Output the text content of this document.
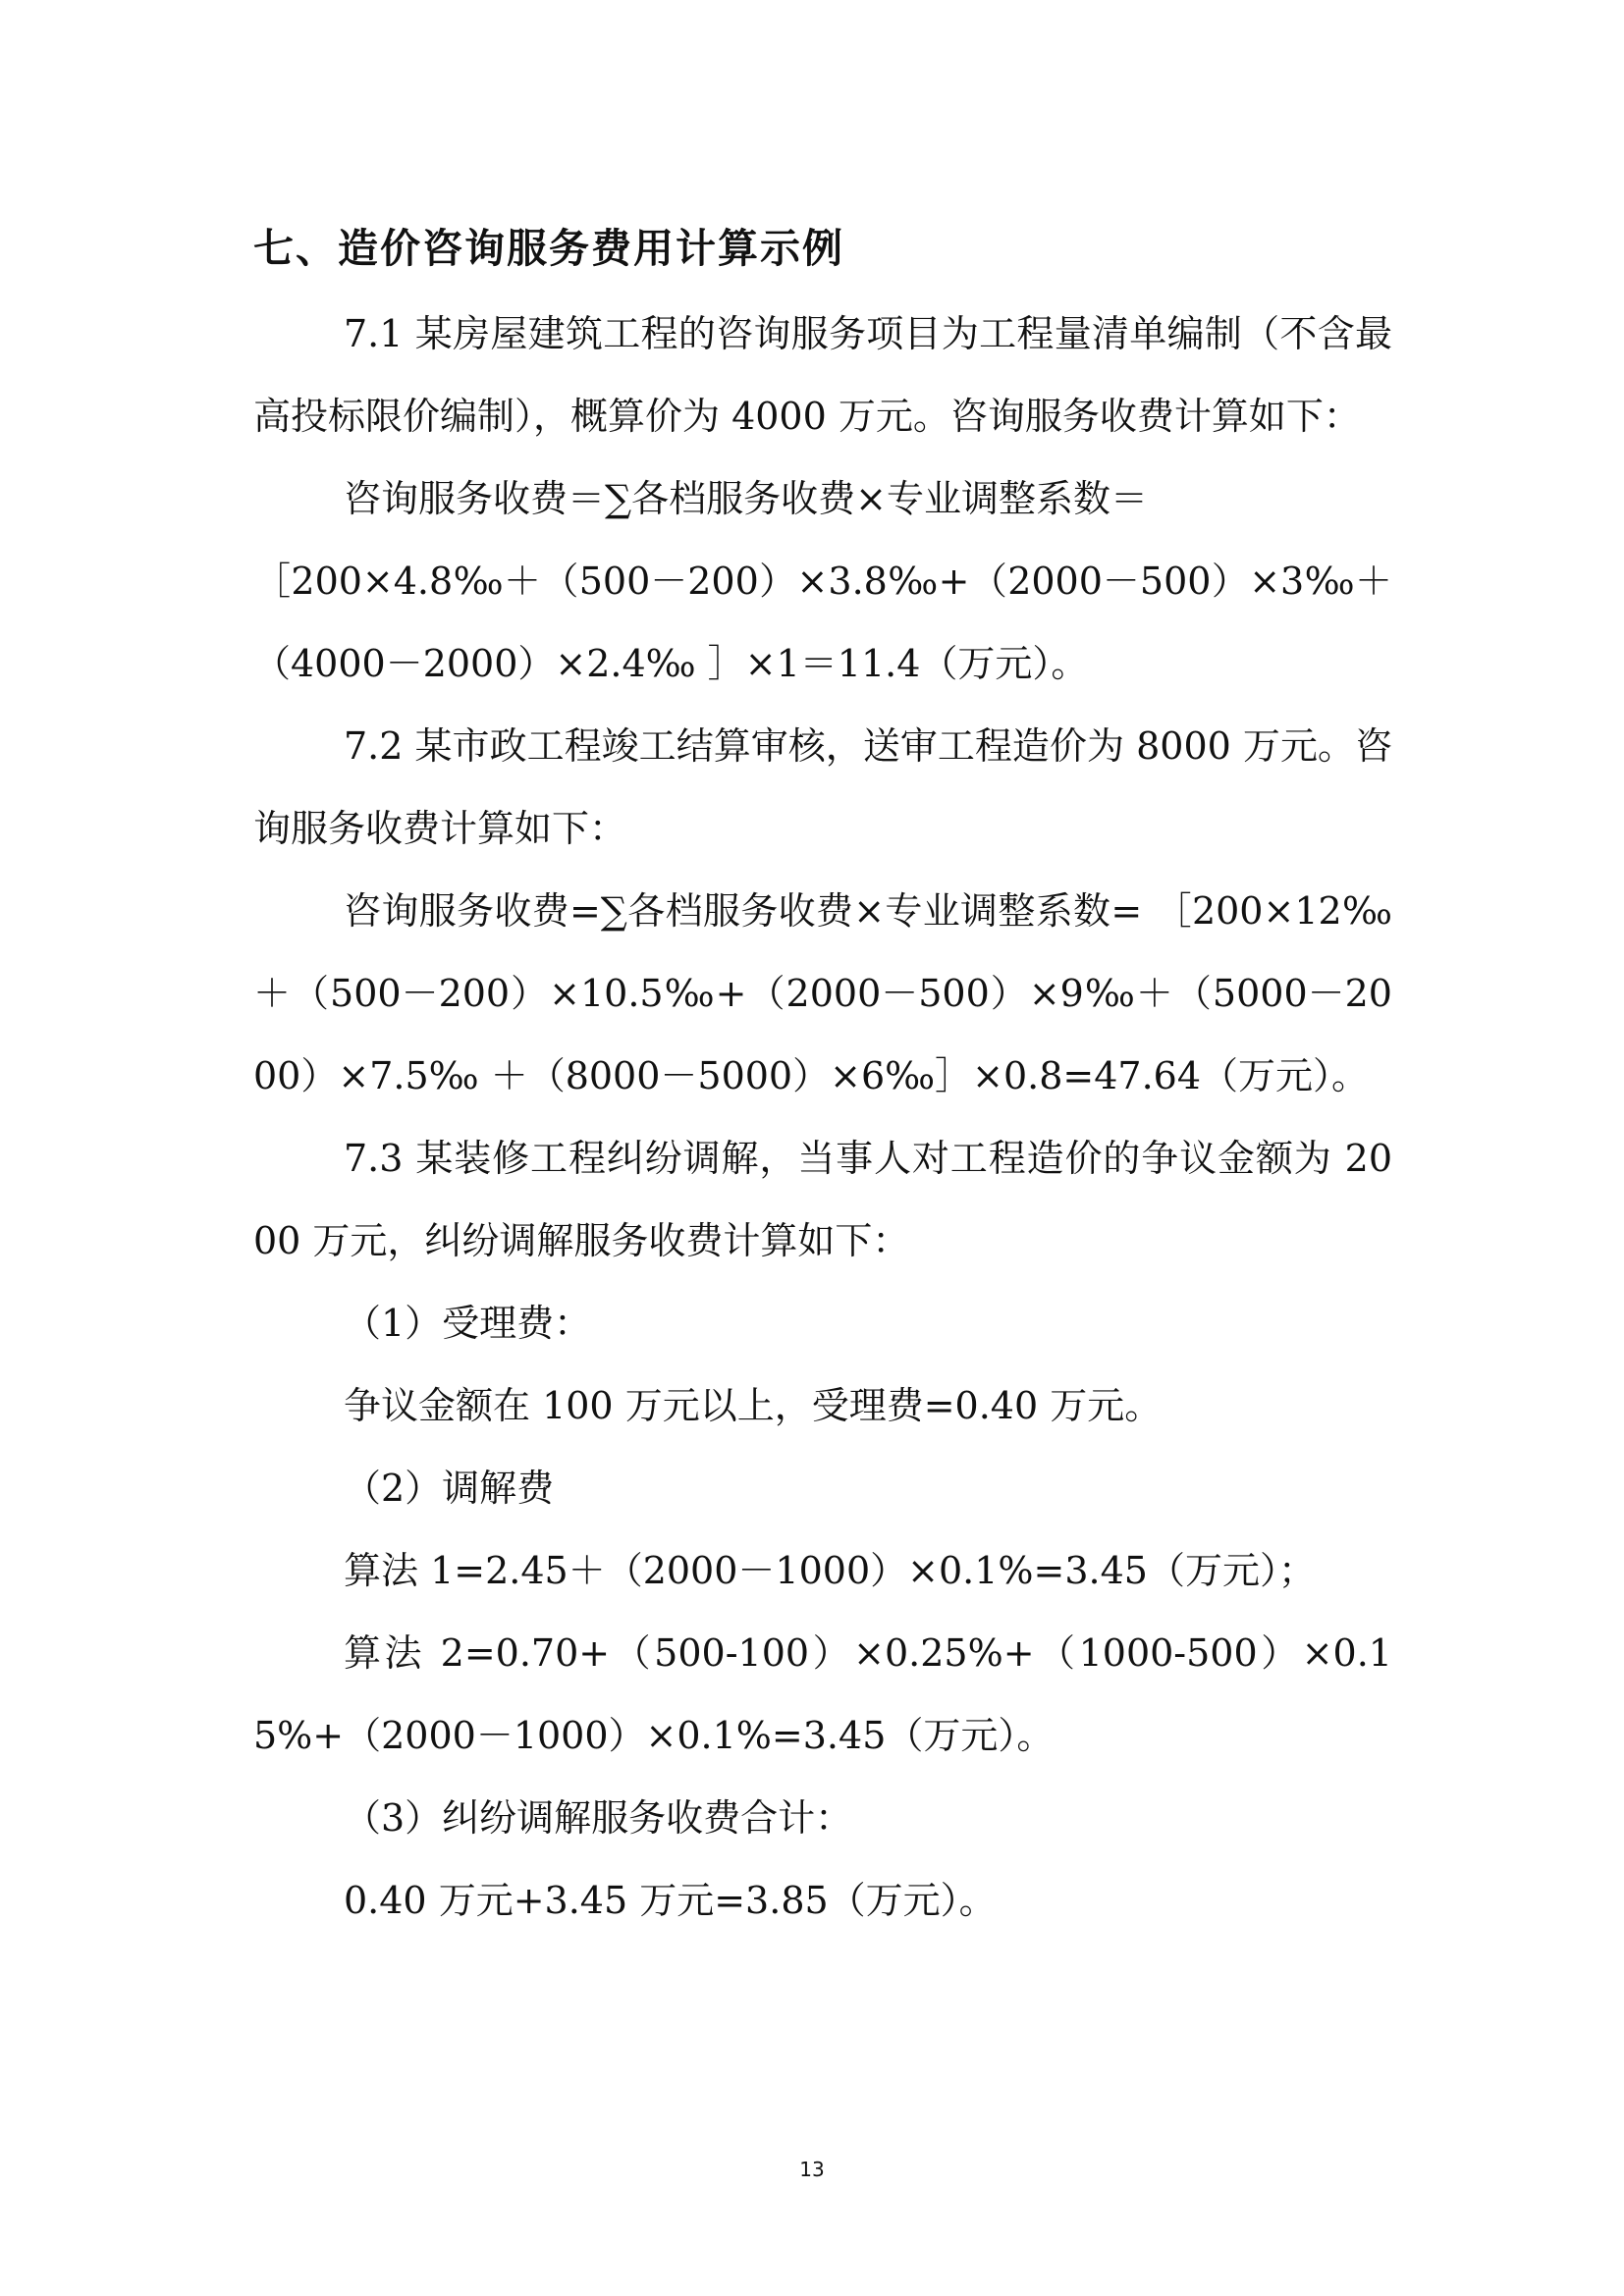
七、造价咨询服务费用计算示例

7.1 某房屋建筑工程的咨询服务项目为工程量清单编制（不含最高投标限价编制），概算价为 4000 万元。咨询服务收费计算如下：

咨询服务收费＝∑各档服务收费×专业调整系数＝

［200×4.8‰＋（500－200）×3.8‰+（2000－500）×3‰＋（4000－2000）×2.4‰ ］×1＝11.4（万元）。

7.2 某市政工程竣工结算审核，送审工程造价为 8000 万元。咨询服务收费计算如下：

咨询服务收费=∑各档服务收费×专业调整系数= ［200×12‰＋（500－200）×10.5‰+（2000－500）×9‰＋（5000－2000）×7.5‰ ＋（8000－5000）×6‰］×0.8=47.64（万元）。

7.3 某装修工程纠纷调解，当事人对工程造价的争议金额为 2000 万元，纠纷调解服务收费计算如下：

（1）受理费：

争议金额在 100 万元以上，受理费=0.40 万元。

（2）调解费

算法 1=2.45＋（2000－1000）×0.1%=3.45（万元）；

算法 2=0.70+（500-100）×0.25%+（1000-500）×0.15%+（2000－1000）×0.1%=3.45（万元）。

（3）纠纷调解服务收费合计：

0.40 万元+3.45 万元=3.85（万元）。

13
